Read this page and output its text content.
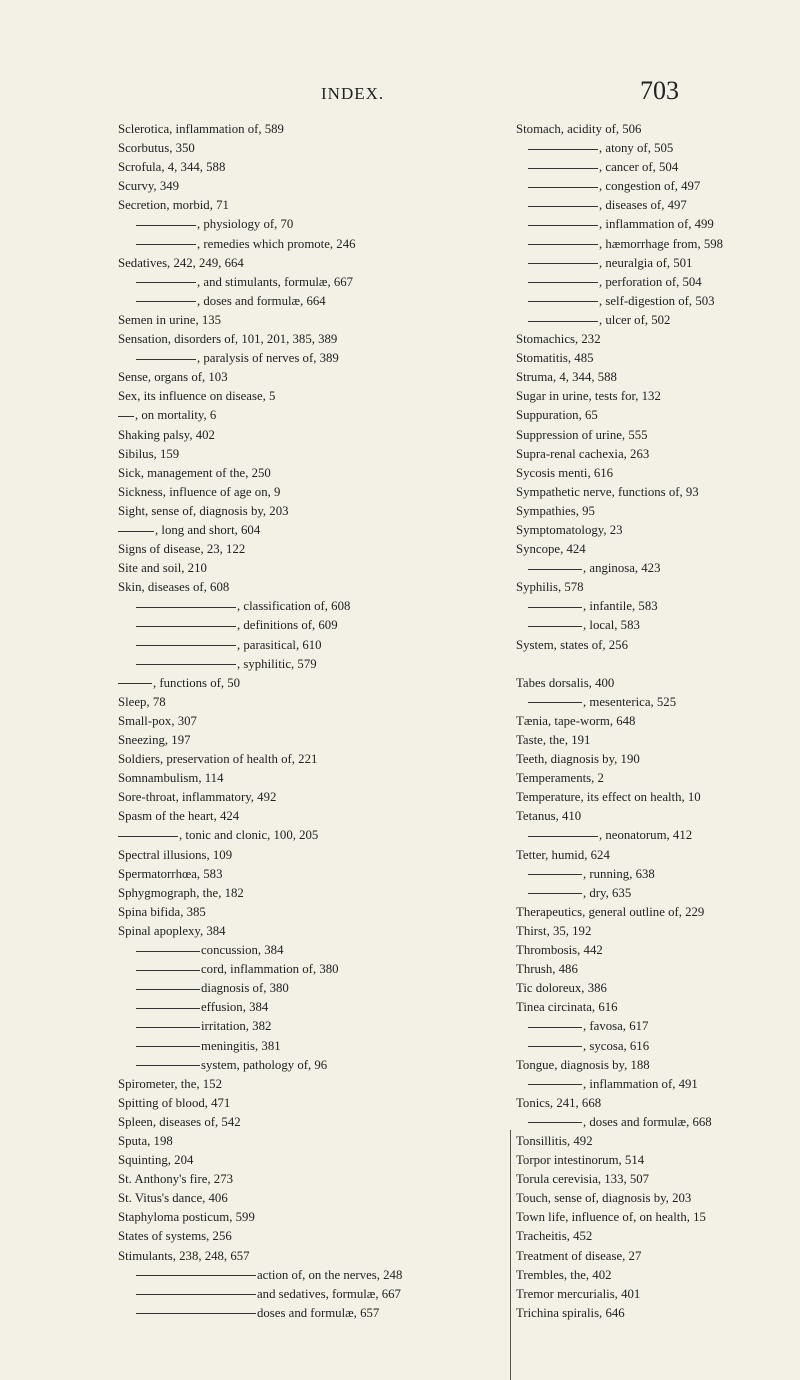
INDEX.	703
Sclerotica, inflammation of, 589
Scorbutus, 350
Scrofula, 4, 344, 588
Scurvy, 349
Secretion, morbid, 71
, physiology of, 70
, remedies which promote, 246
Sedatives, 242, 249, 664
, and stimulants, formulæ, 667
, doses and formulæ, 664
Semen in urine, 135
Sensation, disorders of, 101, 201, 385, 389
, paralysis of nerves of, 389
Sense, organs of, 103
Sex, its influence on disease, 5
, on mortality, 6
Shaking palsy, 402
Sibilus, 159
Sick, management of the, 250
Sickness, influence of age on, 9
Sight, sense of, diagnosis by, 203
, long and short, 604
Signs of disease, 23, 122
Site and soil, 210
Skin, diseases of, 608
, classification of, 608
, definitions of, 609
, parasitical, 610
, syphilitic, 579
, functions of, 50
Sleep, 78
Small-pox, 307
Sneezing, 197
Soldiers, preservation of health of, 221
Somnambulism, 114
Sore-throat, inflammatory, 492
Spasm of the heart, 424
, tonic and clonic, 100, 205
Spectral illusions, 109
Spermatorrhœa, 583
Sphygmograph, the, 182
Spina bifida, 385
Spinal apoplexy, 384
concussion, 384
cord, inflammation of, 380
diagnosis of, 380
effusion, 384
irritation, 382
meningitis, 381
system, pathology of, 96
Spirometer, the, 152
Spitting of blood, 471
Spleen, diseases of, 542
Sputa, 198
Squinting, 204
St. Anthony's fire, 273
St. Vitus's dance, 406
Staphyloma posticum, 599
States of systems, 256
Stimulants, 238, 248, 657
action of, on the nerves, 248
and sedatives, formulæ, 667
doses and formulæ, 657
Stomach, acidity of, 506
, atony of, 505
, cancer of, 504
, congestion of, 497
, diseases of, 497
, inflammation of, 499
, hæmorrhage from, 598
, neuralgia of, 501
, perforation of, 504
, self-digestion of, 503
, ulcer of, 502
Stomachics, 232
Stomatitis, 485
Struma, 4, 344, 588
Sugar in urine, tests for, 132
Suppuration, 65
Suppression of urine, 555
Supra-renal cachexia, 263
Sycosis menti, 616
Sympathetic nerve, functions of, 93
Sympathies, 95
Symptomatology, 23
Syncope, 424
, anginosa, 423
Syphilis, 578
, infantile, 583
, local, 583
System, states of, 256
Tabes dorsalis, 400
, mesenterica, 525
Tænia, tape-worm, 648
Taste, the, 191
Teeth, diagnosis by, 190
Temperaments, 2
Temperature, its effect on health, 10
Tetanus, 410
, neonatorum, 412
Tetter, humid, 624
, running, 638
, dry, 635
Therapeutics, general outline of, 229
Thirst, 35, 192
Thrombosis, 442
Thrush, 486
Tic doloreux, 386
Tinea circinata, 616
, favosa, 617
, sycosa, 616
Tongue, diagnosis by, 188
, inflammation of, 491
Tonics, 241, 668
, doses and formulæ, 668
Tonsillitis, 492
Torpor intestinorum, 514
Torula cerevisia, 133, 507
Touch, sense of, diagnosis by, 203
Town life, influence of, on health, 15
Tracheitis, 452
Treatment of disease, 27
Trembles, the, 402
Tremor mercurialis, 401
Trichina spiralis, 646
